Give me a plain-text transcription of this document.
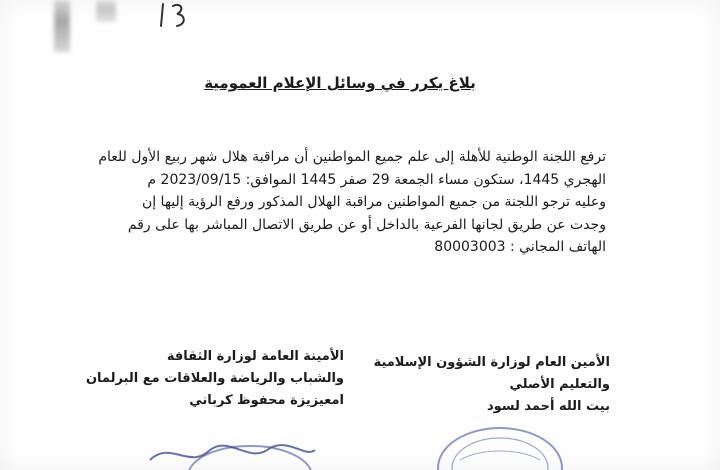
بلاغ يكرر في وسائل الإعلام العمومية
ترفع اللجنة الوطنية للأهلة إلى علم جميع المواطنين أن مراقبة هلال شهر ربيع الأول للعام
الهجري 1445، ستكون مساء الجمعة 29 صفر 1445 الموافق: 2023/09/15 م
وعليه ترجو اللجنة من جميع المواطنين مراقبة الهلال المذكور ورفع الرؤية إليها إن
وجدت عن طريق لجانها الفرعية بالداخل أو عن طريق الاتصال المباشر بها على رقم
الهاتف المجاني : 80003003
الأمين العام لوزارة الشؤون الإسلامية
والتعليم الأصلي
بيت الله أحمد لسود
الأمينة العامة لوزارة الثقافة
والشباب والرياضة والعلاقات مع البرلمان
امعيزيزة محفوظ كرباني
